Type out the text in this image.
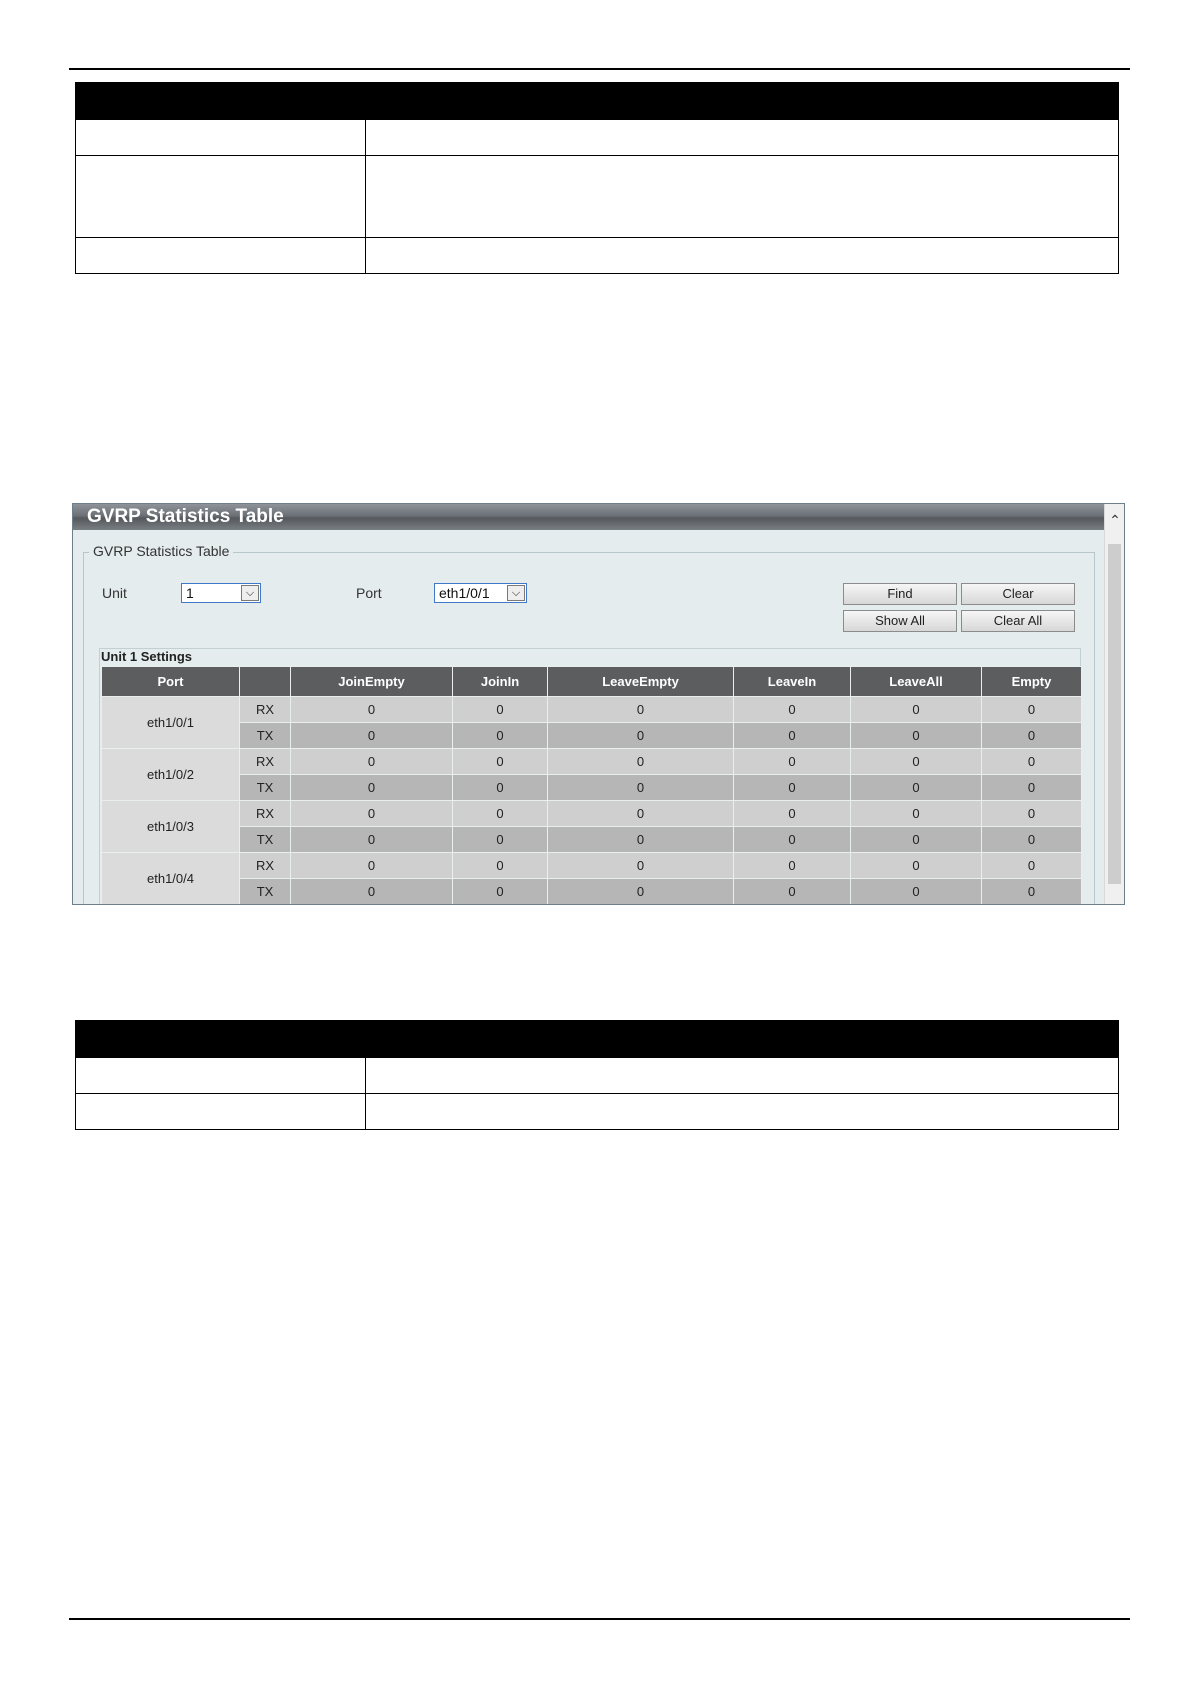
GVRP Statistics Table	⌃
GVRP Statistics Table
Unit	1	⌵	Port	eth1/0/1	⌵	Find	Clear
Show All	Clear All
Unit 1 Settings
Port		JoinEmpty	JoinIn	LeaveEmpty	LeaveIn	LeaveAll	Empty
eth1/0/1	RX	0	0	0	0	0	0
	TX	0	0	0	0	0	0
eth1/0/2	RX	0	0	0	0	0	0
	TX	0	0	0	0	0	0
eth1/0/3	RX	0	0	0	0	0	0
	TX	0	0	0	0	0	0
eth1/0/4	RX	0	0	0	0	0	0
	TX	0	0	0	0	0	0
